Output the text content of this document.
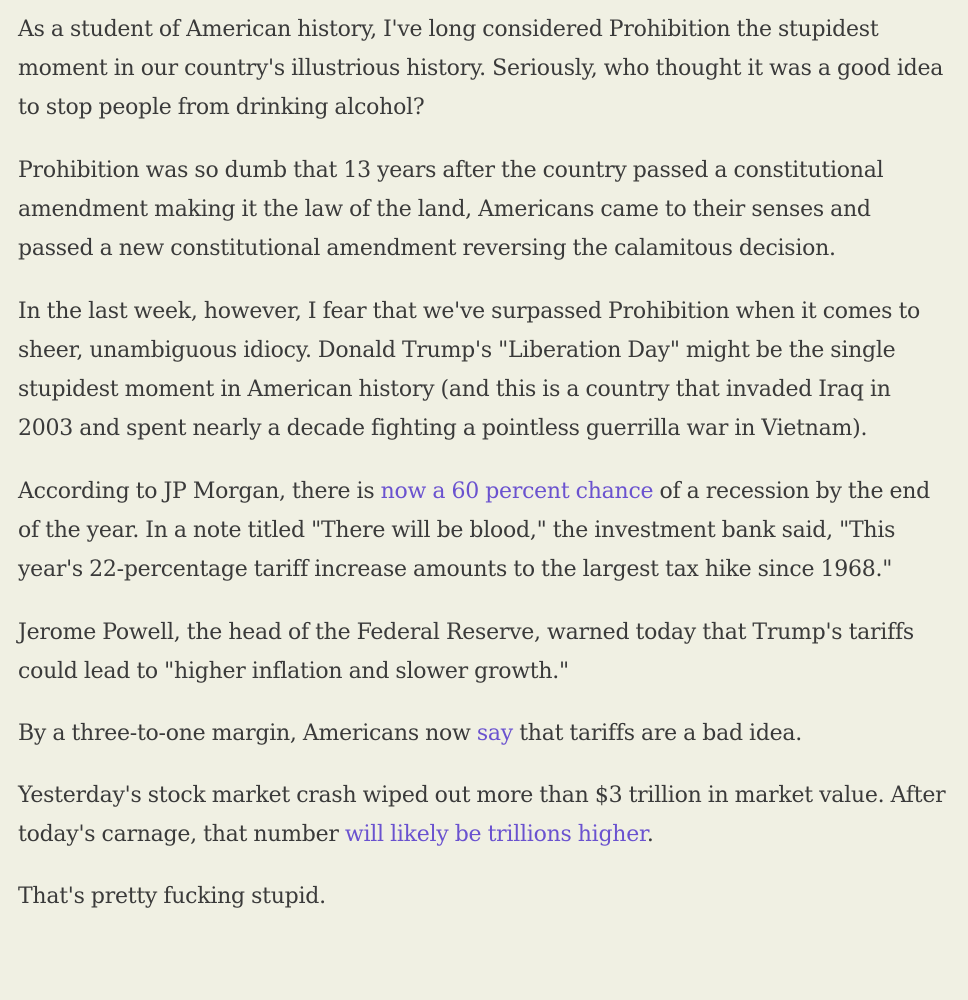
As a student of American history, I've long considered Prohibition the stupidest moment in our country's illustrious history. Seriously, who thought it was a good idea to stop people from drinking alcohol?

Prohibition was so dumb that 13 years after the country passed a constitutional amendment making it the law of the land, Americans came to their senses and passed a new constitutional amendment reversing the calamitous decision.

In the last week, however, I fear that we've surpassed Prohibition when it comes to sheer, unambiguous idiocy. Donald Trump's "Liberation Day" might be the single stupidest moment in American history (and this is a country that invaded Iraq in 2003 and spent nearly a decade fighting a pointless guerrilla war in Vietnam).

According to JP Morgan, there is now a 60 percent chance of a recession by the end of the year. In a note titled "There will be blood," the investment bank said, "This year's 22-percentage tariff increase amounts to the largest tax hike since 1968."

Jerome Powell, the head of the Federal Reserve, warned today that Trump's tariffs could lead to "higher inflation and slower growth."

By a three-to-one margin, Americans now say that tariffs are a bad idea.

Yesterday's stock market crash wiped out more than $3 trillion in market value. After today's carnage, that number will likely be trillions higher.

That's pretty fucking stupid.
